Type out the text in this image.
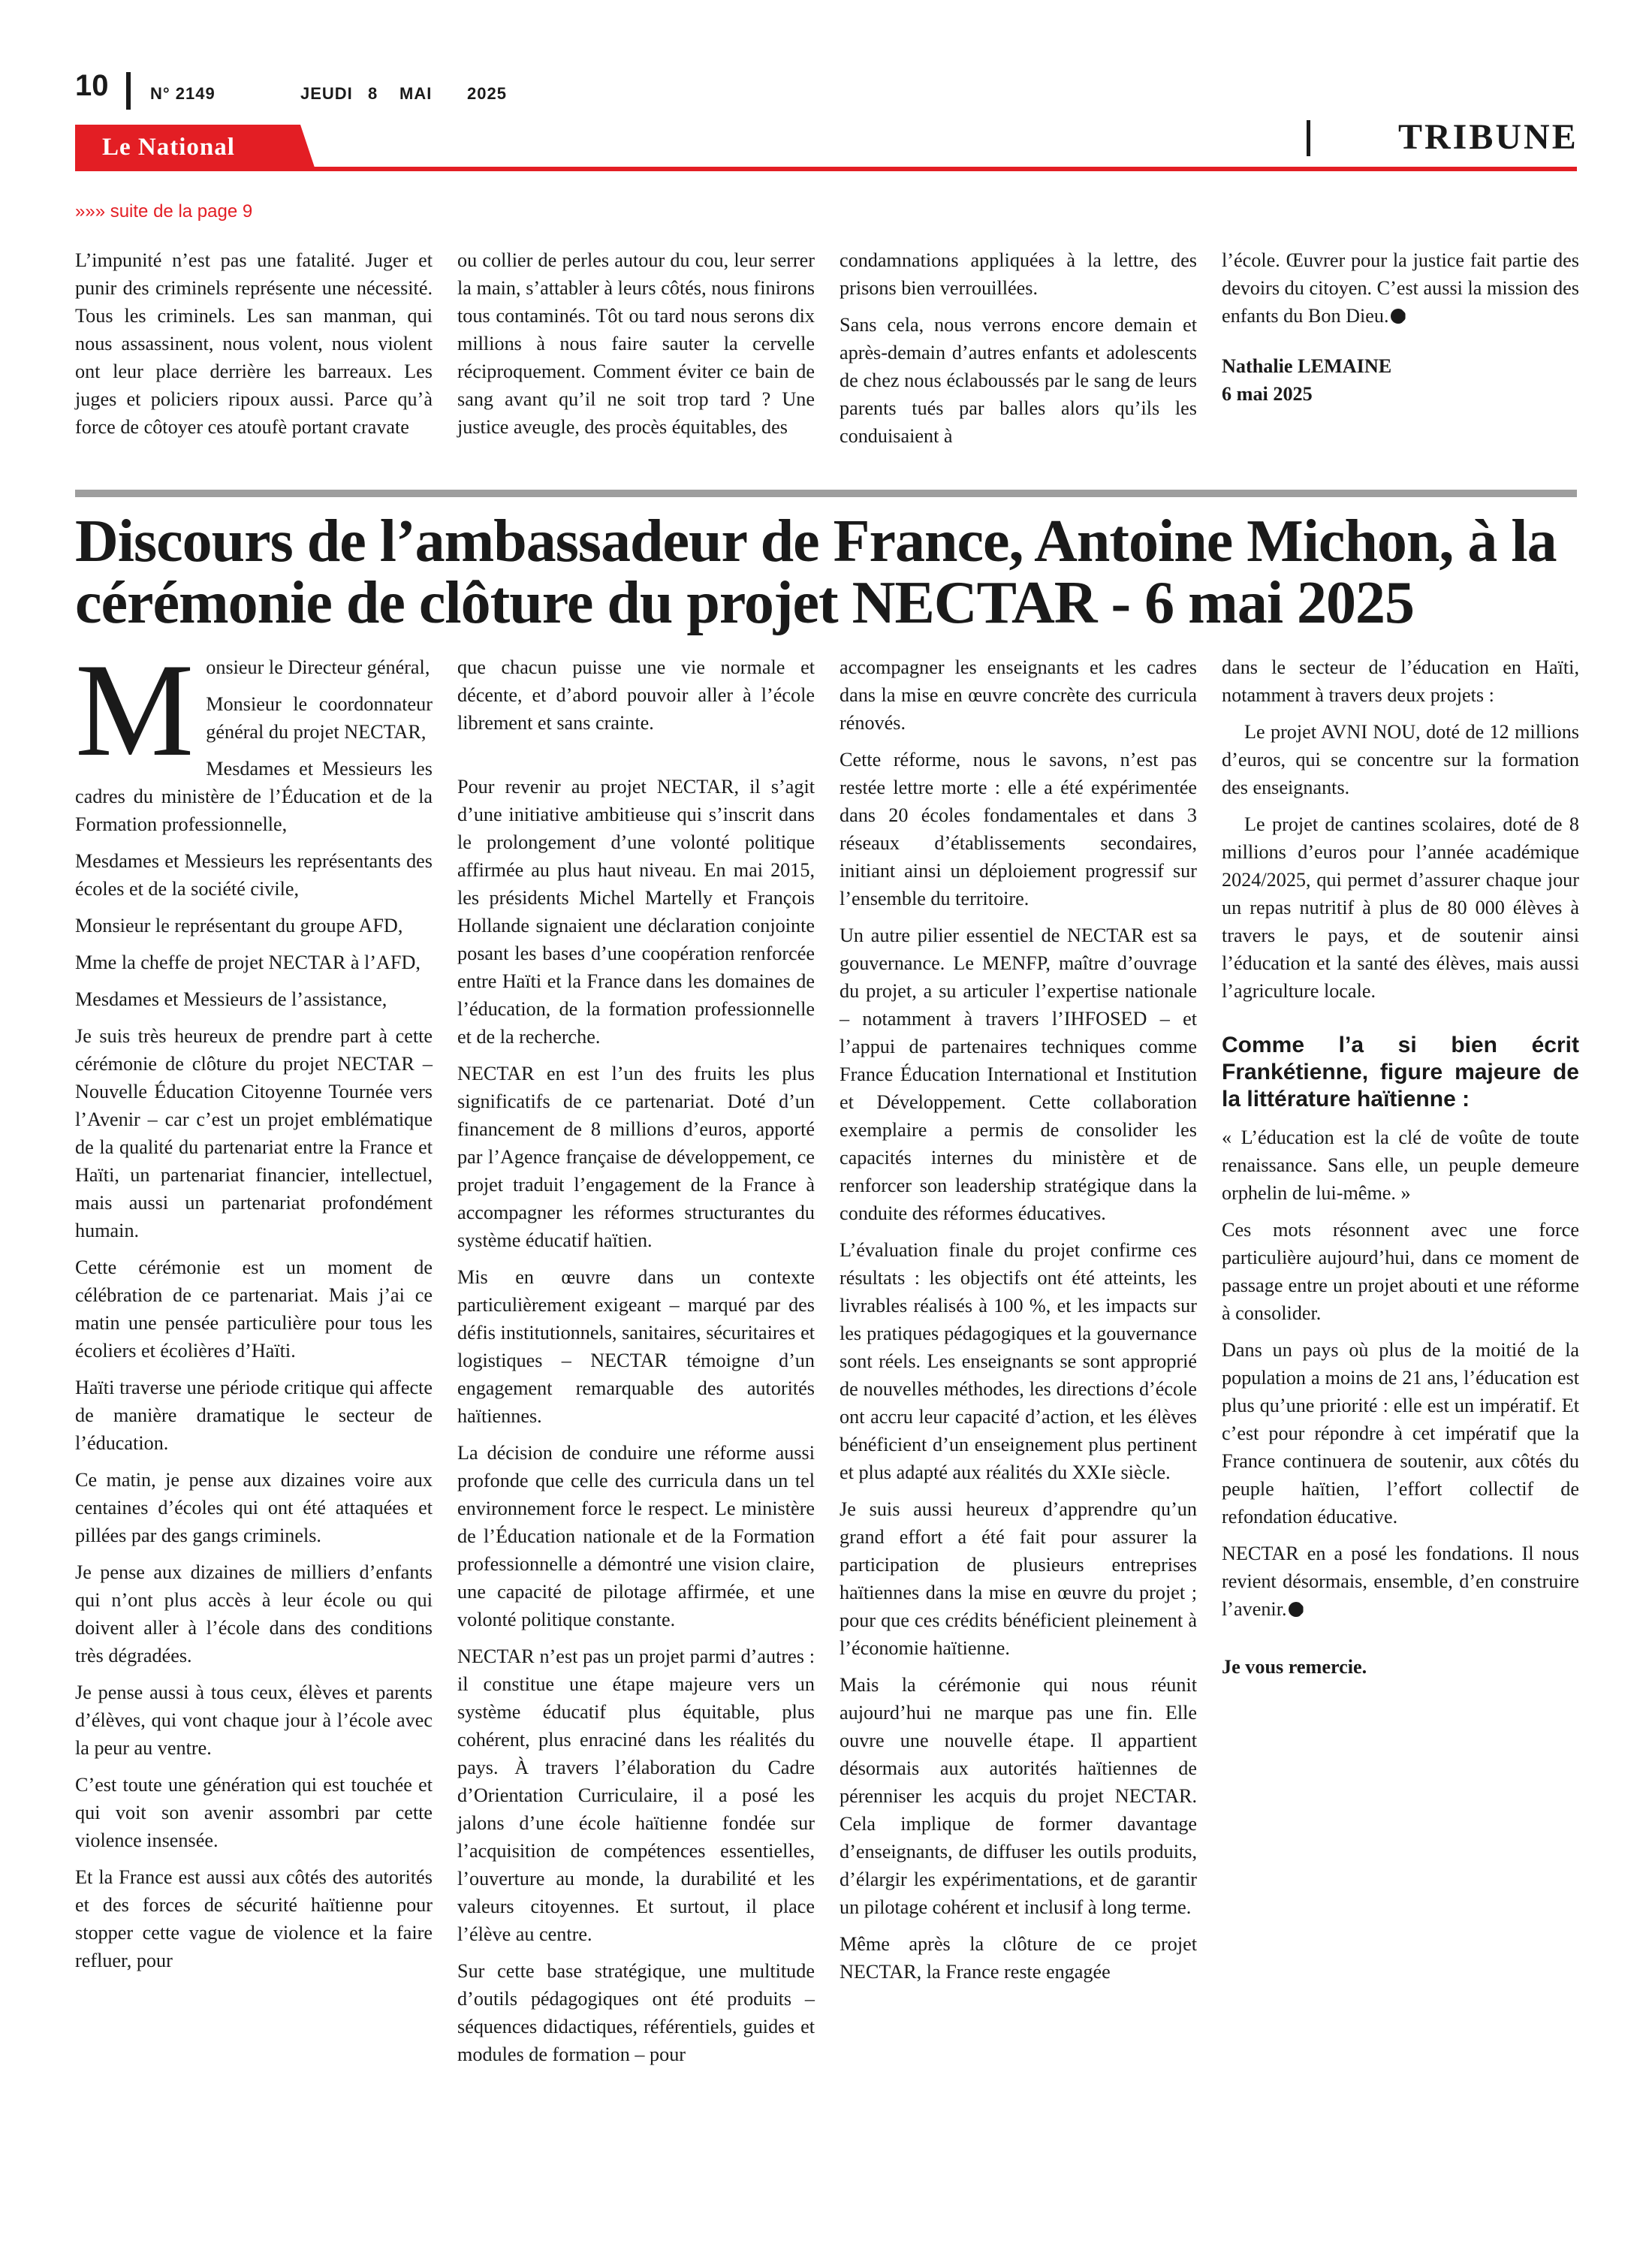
10	N° 2149	JEUDI 8 MAI 2025
Le National	TRIBUNE
»»» suite de la page 9

L’impunité n’est pas une fatalité. Juger et punir des criminels représente une nécessité. Tous les criminels. Les san manman, qui nous assassinent, nous volent, nous violent ont leur place derrière les barreaux. Les juges et policiers ripoux aussi. Parce qu’à force de côtoyer ces atoufè portant cravate

ou collier de perles autour du cou, leur serrer la main, s’attabler à leurs côtés, nous finirons tous contaminés. Tôt ou tard nous serons dix millions à nous faire sauter la cervelle réciproquement. Comment éviter ce bain de sang avant qu’il ne soit trop tard ? Une justice aveugle, des procès équitables, des

condamnations appliquées à la lettre, des prisons bien verrouillées.

Sans cela, nous verrons encore demain et après-demain d’autres enfants et adolescents de chez nous éclaboussés par le sang de leurs parents tués par balles alors qu’ils les conduisaient à

l’école. Œuvrer pour la justice fait partie des devoirs du citoyen. C’est aussi la mission des enfants du Bon Dieu.

Nathalie LEMAINE

6 mai 2025

Discours de l’ambassadeur de France, Antoine Michon, à la cérémonie de clôture du projet NECTAR - 6 mai 2025

Monsieur le Directeur général,

Monsieur le coordonnateur général du projet NECTAR,

Mesdames et Messieurs les cadres du ministère de l’Éducation et de la Formation professionnelle,

Mesdames et Messieurs les représentants des écoles et de la société civile,

Monsieur le représentant du groupe AFD,

Mme la cheffe de projet NECTAR à l’AFD,

Mesdames et Messieurs de l’assistance,

Je suis très heureux de prendre part à cette cérémonie de clôture du projet NECTAR – Nouvelle Éducation Citoyenne Tournée vers l’Avenir – car c’est un projet emblématique de la qualité du partenariat entre la France et Haïti, un partenariat financier, intellectuel, mais aussi un partenariat profondément humain.

Cette cérémonie est un moment de célébration de ce partenariat. Mais j’ai ce matin une pensée particulière pour tous les écoliers et écolières d’Haïti.

Haïti traverse une période critique qui affecte de manière dramatique le secteur de l’éducation.

Ce matin, je pense aux dizaines voire aux centaines d’écoles qui ont été attaquées et pillées par des gangs criminels.

Je pense aux dizaines de milliers d’enfants qui n’ont plus accès à leur école ou qui doivent aller à l’école dans des conditions très dégradées.

Je pense aussi à tous ceux, élèves et parents d’élèves, qui vont chaque jour à l’école avec la peur au ventre.

C’est toute une génération qui est touchée et qui voit son avenir assombri par cette violence insensée.

Et la France est aussi aux côtés des autorités et des forces de sécurité haïtienne pour stopper cette vague de violence et la faire refluer, pour

que chacun puisse une vie normale et décente, et d’abord pouvoir aller à l’école librement et sans crainte.

Pour revenir au projet NECTAR, il s’agit d’une initiative ambitieuse qui s’inscrit dans le prolongement d’une volonté politique affirmée au plus haut niveau. En mai 2015, les présidents Michel Martelly et François Hollande signaient une déclaration conjointe posant les bases d’une coopération renforcée entre Haïti et la France dans les domaines de l’éducation, de la formation professionnelle et de la recherche.

NECTAR en est l’un des fruits les plus significatifs de ce partenariat. Doté d’un financement de 8 millions d’euros, apporté par l’Agence française de développement, ce projet traduit l’engagement de la France à accompagner les réformes structurantes du système éducatif haïtien.

Mis en œuvre dans un contexte particulièrement exigeant – marqué par des défis institutionnels, sanitaires, sécuritaires et logistiques – NECTAR témoigne d’un engagement remarquable des autorités haïtiennes.

La décision de conduire une réforme aussi profonde que celle des curricula dans un tel environnement force le respect. Le ministère de l’Éducation nationale et de la Formation professionnelle a démontré une vision claire, une capacité de pilotage affirmée, et une volonté politique constante.

NECTAR n’est pas un projet parmi d’autres : il constitue une étape majeure vers un système éducatif plus équitable, plus cohérent, plus enraciné dans les réalités du pays. À travers l’élaboration du Cadre d’Orientation Curriculaire, il a posé les jalons d’une école haïtienne fondée sur l’acquisition de compétences essentielles, l’ouverture au monde, la durabilité et les valeurs citoyennes. Et surtout, il place l’élève au centre.

Sur cette base stratégique, une multitude d’outils pédagogiques ont été produits – séquences didactiques, référentiels, guides et modules de formation – pour

accompagner les enseignants et les cadres dans la mise en œuvre concrète des curricula rénovés.

Cette réforme, nous le savons, n’est pas restée lettre morte : elle a été expérimentée dans 20 écoles fondamentales et dans 3 réseaux d’établissements secondaires, initiant ainsi un déploiement progressif sur l’ensemble du territoire.

Un autre pilier essentiel de NECTAR est sa gouvernance. Le MENFP, maître d’ouvrage du projet, a su articuler l’expertise nationale – notamment à travers l’IHFOSED – et l’appui de partenaires techniques comme France Éducation International et Institution et Développement. Cette collaboration exemplaire a permis de consolider les capacités internes du ministère et de renforcer son leadership stratégique dans la conduite des réformes éducatives.

L’évaluation finale du projet confirme ces résultats : les objectifs ont été atteints, les livrables réalisés à 100 %, et les impacts sur les pratiques pédagogiques et la gouvernance sont réels. Les enseignants se sont approprié de nouvelles méthodes, les directions d’école ont accru leur capacité d’action, et les élèves bénéficient d’un enseignement plus pertinent et plus adapté aux réalités du XXIe siècle.

Je suis aussi heureux d’apprendre qu’un grand effort a été fait pour assurer la participation de plusieurs entreprises haïtiennes dans la mise en œuvre du projet ; pour que ces crédits bénéficient pleinement à l’économie haïtienne.

Mais la cérémonie qui nous réunit aujourd’hui ne marque pas une fin. Elle ouvre une nouvelle étape. Il appartient désormais aux autorités haïtiennes de pérenniser les acquis du projet NECTAR. Cela implique de former davantage d’enseignants, de diffuser les outils produits, d’élargir les expérimentations, et de garantir un pilotage cohérent et inclusif à long terme.

Même après la clôture de ce projet NECTAR, la France reste engagée

dans le secteur de l’éducation en Haïti, notamment à travers deux projets :

Le projet AVNI NOU, doté de 12 millions d’euros, qui se concentre sur la formation des enseignants.

Le projet de cantines scolaires, doté de 8 millions d’euros pour l’année académique 2024/2025, qui permet d’assurer chaque jour un repas nutritif à plus de 80 000 élèves à travers le pays, et de soutenir ainsi l’éducation et la santé des élèves, mais aussi l’agriculture locale.

Comme l’a si bien écrit Frankétienne, figure majeure de la littérature haïtienne :

« L’éducation est la clé de voûte de toute renaissance. Sans elle, un peuple demeure orphelin de lui-même. »

Ces mots résonnent avec une force particulière aujourd’hui, dans ce moment de passage entre un projet abouti et une réforme à consolider.

Dans un pays où plus de la moitié de la population a moins de 21 ans, l’éducation est plus qu’une priorité : elle est un impératif. Et c’est pour répondre à cet impératif que la France continuera de soutenir, aux côtés du peuple haïtien, l’effort collectif de refondation éducative.

NECTAR en a posé les fondations. Il nous revient désormais, ensemble, d’en construire l’avenir.

Je vous remercie.
